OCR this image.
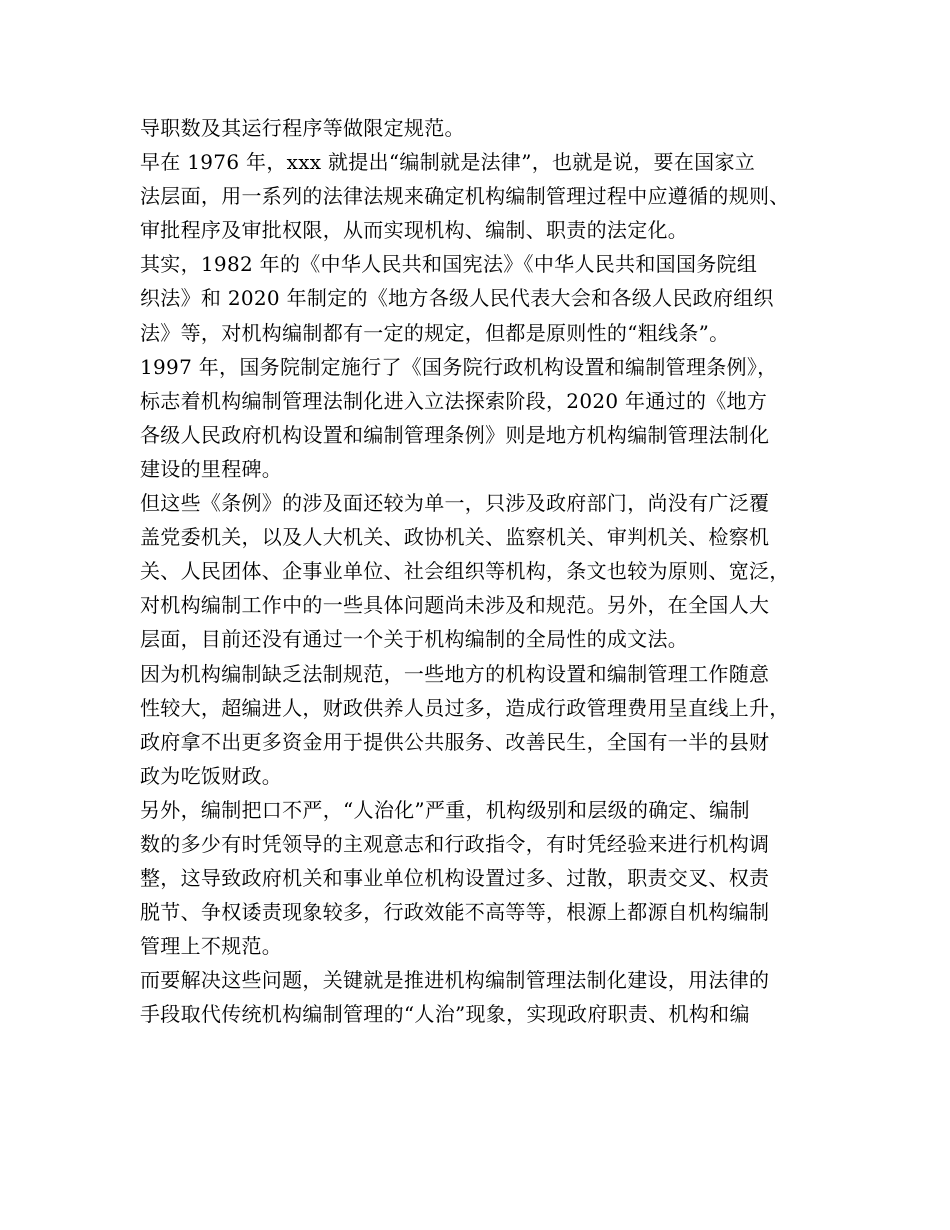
导职数及其运行程序等做限定规范。
早在 1976 年，xxx 就提出“编制就是法律”，也就是说，要在国家立
法层面，用一系列的法律法规来确定机构编制管理过程中应遵循的规则、
审批程序及审批权限，从而实现机构、编制、职责的法定化。
其实，1982 年的《中华人民共和国宪法》《中华人民共和国国务院组
织法》和 2020 年制定的《地方各级人民代表大会和各级人民政府组织
法》等，对机构编制都有一定的规定，但都是原则性的“粗线条”。
1997 年，国务院制定施行了《国务院行政机构设置和编制管理条例》，
标志着机构编制管理法制化进入立法探索阶段，2020 年通过的《地方
各级人民政府机构设置和编制管理条例》则是地方机构编制管理法制化
建设的里程碑。
但这些《条例》的涉及面还较为单一，只涉及政府部门，尚没有广泛覆
盖党委机关，以及人大机关、政协机关、监察机关、审判机关、检察机
关、人民团体、企事业单位、社会组织等机构，条文也较为原则、宽泛，
对机构编制工作中的一些具体问题尚未涉及和规范。另外，在全国人大
层面，目前还没有通过一个关于机构编制的全局性的成文法。
因为机构编制缺乏法制规范，一些地方的机构设置和编制管理工作随意
性较大，超编进人，财政供养人员过多，造成行政管理费用呈直线上升，
政府拿不出更多资金用于提供公共服务、改善民生，全国有一半的县财
政为吃饭财政。
另外，编制把口不严，“人治化”严重，机构级别和层级的确定、编制
数的多少有时凭领导的主观意志和行政指令，有时凭经验来进行机构调
整，这导致政府机关和事业单位机构设置过多、过散，职责交叉、权责
脱节、争权诿责现象较多，行政效能不高等等，根源上都源自机构编制
管理上不规范。
而要解决这些问题，关键就是推进机构编制管理法制化建设，用法律的
手段取代传统机构编制管理的“人治”现象，实现政府职责、机构和编
